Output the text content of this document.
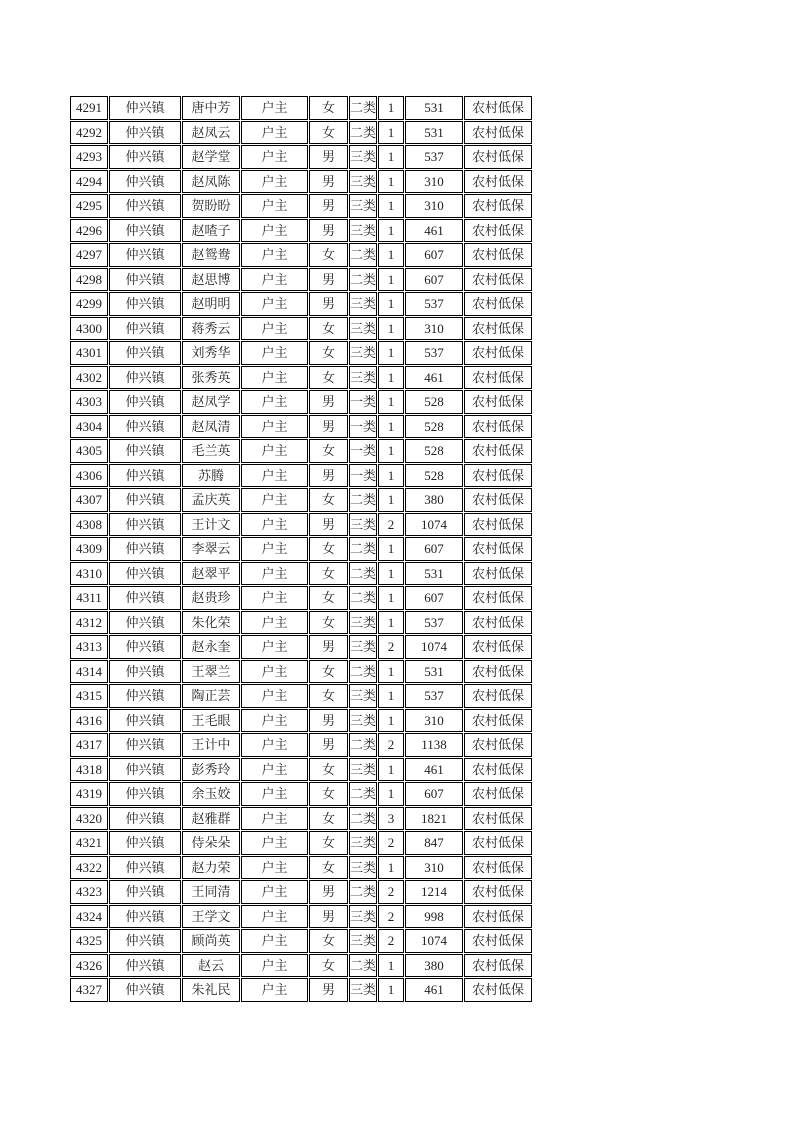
4291	仲兴镇	唐中芳	户主	女	二类	1	531	农村低保
4292	仲兴镇	赵凤云	户主	女	二类	1	531	农村低保
4293	仲兴镇	赵学堂	户主	男	三类	1	537	农村低保
4294	仲兴镇	赵凤陈	户主	男	三类	1	310	农村低保
4295	仲兴镇	贺盼盼	户主	男	三类	1	310	农村低保
4296	仲兴镇	赵喳子	户主	男	三类	1	461	农村低保
4297	仲兴镇	赵鸳鸯	户主	女	二类	1	607	农村低保
4298	仲兴镇	赵思博	户主	男	二类	1	607	农村低保
4299	仲兴镇	赵明明	户主	男	三类	1	537	农村低保
4300	仲兴镇	蒋秀云	户主	女	三类	1	310	农村低保
4301	仲兴镇	刘秀华	户主	女	三类	1	537	农村低保
4302	仲兴镇	张秀英	户主	女	三类	1	461	农村低保
4303	仲兴镇	赵凤学	户主	男	一类	1	528	农村低保
4304	仲兴镇	赵凤清	户主	男	一类	1	528	农村低保
4305	仲兴镇	毛兰英	户主	女	一类	1	528	农村低保
4306	仲兴镇	苏腾	户主	男	一类	1	528	农村低保
4307	仲兴镇	孟庆英	户主	女	二类	1	380	农村低保
4308	仲兴镇	王计文	户主	男	三类	2	1074	农村低保
4309	仲兴镇	李翠云	户主	女	二类	1	607	农村低保
4310	仲兴镇	赵翠平	户主	女	二类	1	531	农村低保
4311	仲兴镇	赵贵珍	户主	女	二类	1	607	农村低保
4312	仲兴镇	朱化荣	户主	女	三类	1	537	农村低保
4313	仲兴镇	赵永奎	户主	男	三类	2	1074	农村低保
4314	仲兴镇	王翠兰	户主	女	二类	1	531	农村低保
4315	仲兴镇	陶正芸	户主	女	三类	1	537	农村低保
4316	仲兴镇	王毛眼	户主	男	三类	1	310	农村低保
4317	仲兴镇	王计中	户主	男	二类	2	1138	农村低保
4318	仲兴镇	彭秀玲	户主	女	三类	1	461	农村低保
4319	仲兴镇	余玉姣	户主	女	二类	1	607	农村低保
4320	仲兴镇	赵雅群	户主	女	二类	3	1821	农村低保
4321	仲兴镇	侍朵朵	户主	女	三类	2	847	农村低保
4322	仲兴镇	赵力荣	户主	女	三类	1	310	农村低保
4323	仲兴镇	王同清	户主	男	二类	2	1214	农村低保
4324	仲兴镇	王学文	户主	男	三类	2	998	农村低保
4325	仲兴镇	顾尚英	户主	女	三类	2	1074	农村低保
4326	仲兴镇	赵云	户主	女	二类	1	380	农村低保
4327	仲兴镇	朱礼民	户主	男	三类	1	461	农村低保
